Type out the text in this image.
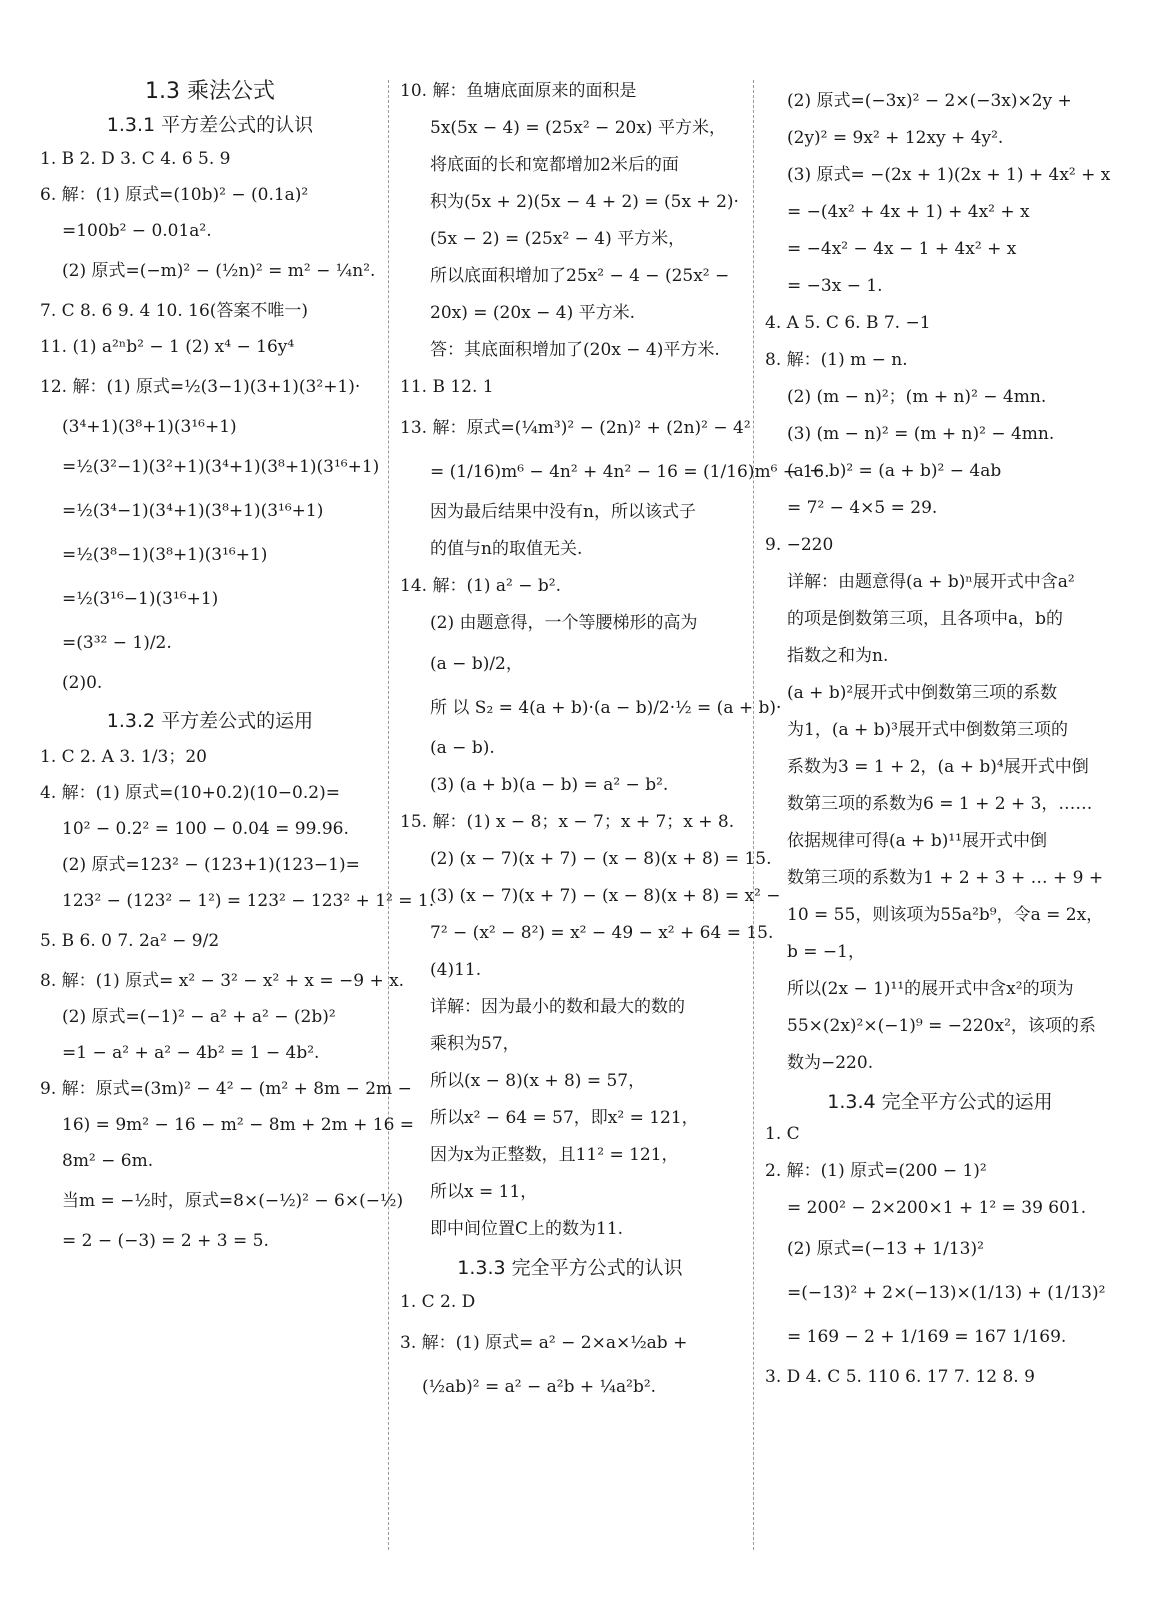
1.3 乘法公式
1.3.1 平方差公式的认识
1. B 2. D 3. C 4. 6 5. 9
6. 解：(1) 原式=(10b)² − (0.1a)²
=100b² − 0.01a².
(2) 原式=(−m)² − (½n)² = m² − ¼n².
7. C 8. 6 9. 4 10. 16(答案不唯一)
11. (1) a²ⁿb² − 1 (2) x⁴ − 16y⁴
12. 解：(1) 原式=½(3−1)(3+1)(3²+1)·
(3⁴+1)(3⁸+1)(3¹⁶+1)
=½(3²−1)(3²+1)(3⁴+1)(3⁸+1)(3¹⁶+1)
=½(3⁴−1)(3⁴+1)(3⁸+1)(3¹⁶+1)
=½(3⁸−1)(3⁸+1)(3¹⁶+1)
=½(3¹⁶−1)(3¹⁶+1)
=(3³² − 1)/2.
(2)0.
1.3.2 平方差公式的运用
1. C 2. A 3. 1/3；20
4. 解：(1) 原式=(10+0.2)(10−0.2)=
10² − 0.2² = 100 − 0.04 = 99.96.
(2) 原式=123² − (123+1)(123−1)=
123² − (123² − 1²) = 123² − 123² + 1² = 1.
5. B 6. 0 7. 2a² − 9/2
8. 解：(1) 原式= x² − 3² − x² + x = −9 + x.
(2) 原式=(−1)² − a² + a² − (2b)²
=1 − a² + a² − 4b² = 1 − 4b².
9. 解：原式=(3m)² − 4² − (m² + 8m − 2m −
16) = 9m² − 16 − m² − 8m + 2m + 16 =
8m² − 6m.
当m = −½时，原式=8×(−½)² − 6×(−½)
= 2 − (−3) = 2 + 3 = 5.
10. 解：鱼塘底面原来的面积是
5x(5x − 4) = (25x² − 20x) 平方米，
将底面的长和宽都增加2米后的面
积为(5x + 2)(5x − 4 + 2) = (5x + 2)·
(5x − 2) = (25x² − 4) 平方米，
所以底面积增加了25x² − 4 − (25x² −
20x) = (20x − 4) 平方米.
答：其底面积增加了(20x − 4)平方米.
11. B 12. 1
13. 解：原式=(¼m³)² − (2n)² + (2n)² − 4²
= (1/16)m⁶ − 4n² + 4n² − 16 = (1/16)m⁶ − 16.
因为最后结果中没有n，所以该式子
的值与n的取值无关.
14. 解：(1) a² − b².
(2) 由题意得，一个等腰梯形的高为
(a − b)/2，
所 以 S₂ = 4(a + b)·(a − b)/2·½ = (a + b)·
(a − b).
(3) (a + b)(a − b) = a² − b².
15. 解：(1) x − 8；x − 7；x + 7；x + 8.
(2) (x − 7)(x + 7) − (x − 8)(x + 8) = 15.
(3) (x − 7)(x + 7) − (x − 8)(x + 8) = x² −
7² − (x² − 8²) = x² − 49 − x² + 64 = 15.
(4)11.
详解：因为最小的数和最大的数的
乘积为57，
所以(x − 8)(x + 8) = 57，
所以x² − 64 = 57，即x² = 121，
因为x为正整数，且11² = 121，
所以x = 11，
即中间位置C上的数为11.
1.3.3 完全平方公式的认识
1. C 2. D
3. 解：(1) 原式= a² − 2×a×½ab +
(½ab)² = a² − a²b + ¼a²b².
(2) 原式=(−3x)² − 2×(−3x)×2y +
(2y)² = 9x² + 12xy + 4y².
(3) 原式= −(2x + 1)(2x + 1) + 4x² + x
= −(4x² + 4x + 1) + 4x² + x
= −4x² − 4x − 1 + 4x² + x
= −3x − 1.
4. A 5. C 6. B 7. −1
8. 解：(1) m − n.
(2) (m − n)²；(m + n)² − 4mn.
(3) (m − n)² = (m + n)² − 4mn.
(a − b)² = (a + b)² − 4ab
= 7² − 4×5 = 29.
9. −220
详解：由题意得(a + b)ⁿ展开式中含a²
的项是倒数第三项，且各项中a，b的
指数之和为n.
(a + b)²展开式中倒数第三项的系数
为1，(a + b)³展开式中倒数第三项的
系数为3 = 1 + 2，(a + b)⁴展开式中倒
数第三项的系数为6 = 1 + 2 + 3，……
依据规律可得(a + b)¹¹展开式中倒
数第三项的系数为1 + 2 + 3 + … + 9 +
10 = 55，则该项为55a²b⁹，令a = 2x，
b = −1，
所以(2x − 1)¹¹的展开式中含x²的项为
55×(2x)²×(−1)⁹ = −220x²，该项的系
数为−220.
1.3.4 完全平方公式的运用
1. C
2. 解：(1) 原式=(200 − 1)²
= 200² − 2×200×1 + 1² = 39 601.
(2) 原式=(−13 + 1/13)²
=(−13)² + 2×(−13)×(1/13) + (1/13)²
= 169 − 2 + 1/169 = 167 1/169.
3. D 4. C 5. 110 6. 17 7. 12 8. 9
